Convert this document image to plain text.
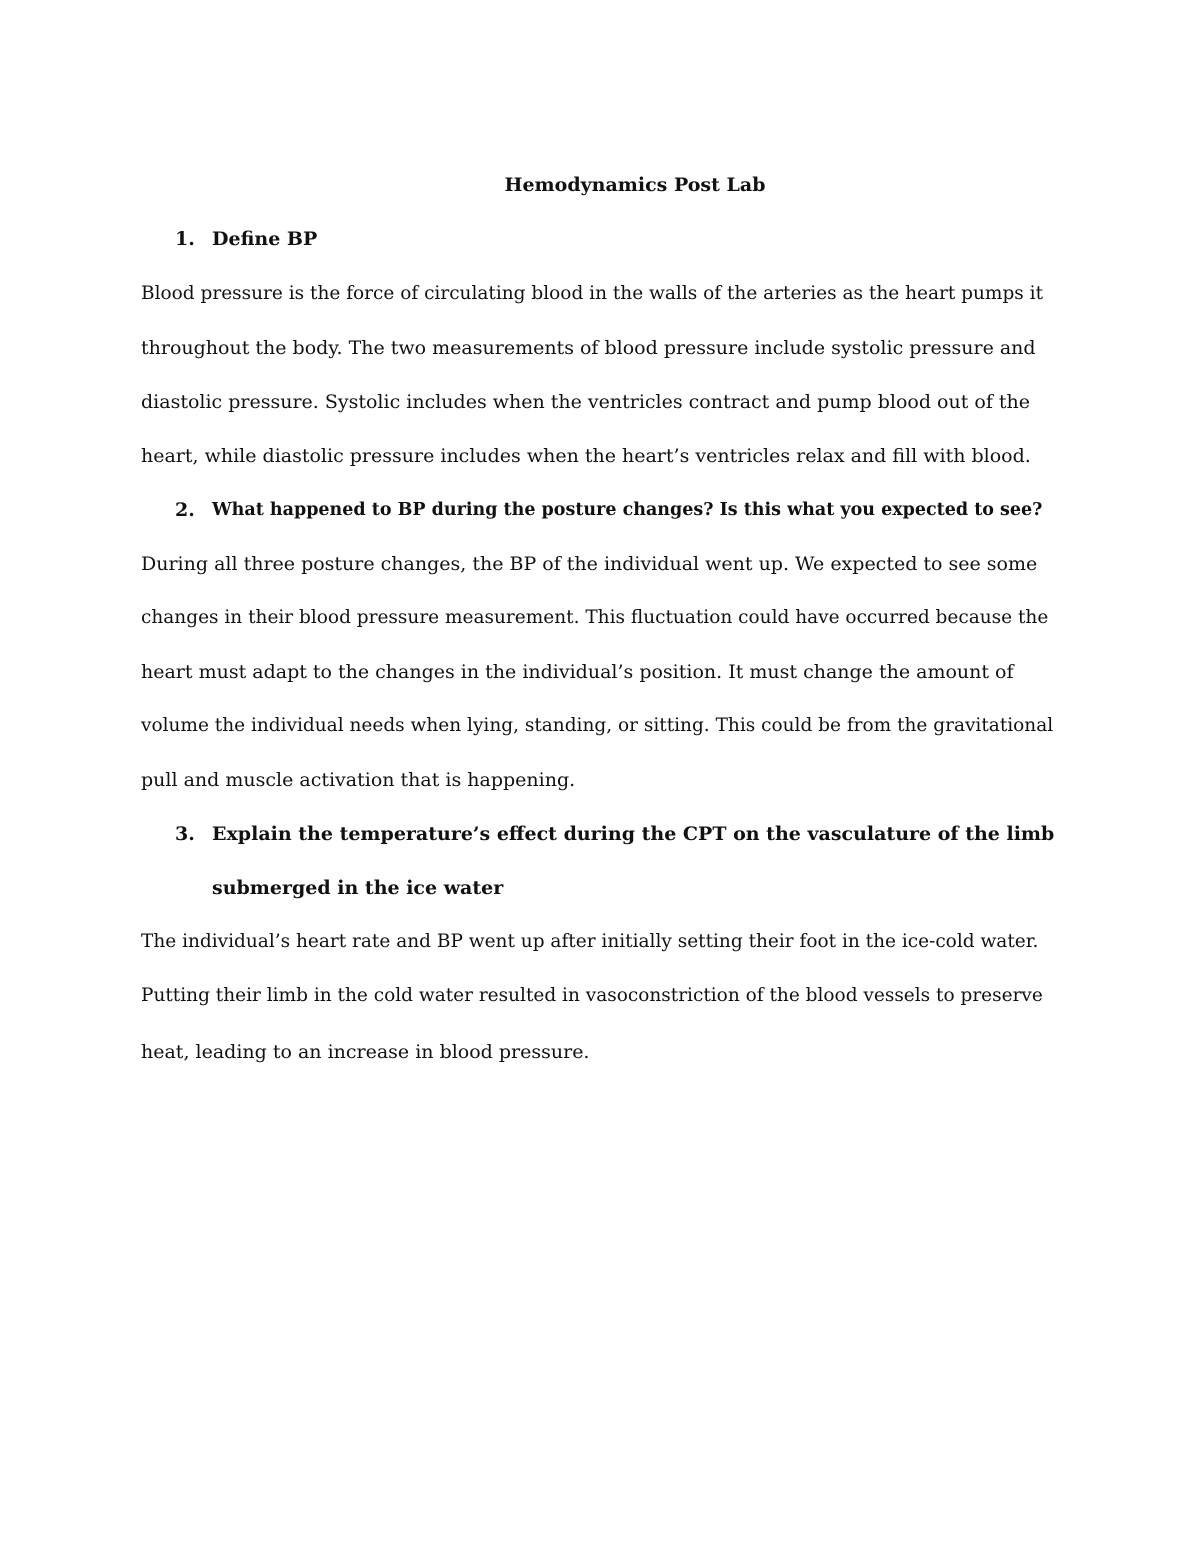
Hemodynamics Post Lab
1. Define BP
Blood pressure is the force of circulating blood in the walls of the arteries as the heart pumps it
throughout the body. The two measurements of blood pressure include systolic pressure and
diastolic pressure. Systolic includes when the ventricles contract and pump blood out of the
heart, while diastolic pressure includes when the heart’s ventricles relax and fill with blood.
2. What happened to BP during the posture changes? Is this what you expected to see?
During all three posture changes, the BP of the individual went up. We expected to see some
changes in their blood pressure measurement. This fluctuation could have occurred because the
heart must adapt to the changes in the individual’s position. It must change the amount of
volume the individual needs when lying, standing, or sitting. This could be from the gravitational
pull and muscle activation that is happening.
3. Explain the temperature’s effect during the CPT on the vasculature of the limb
submerged in the ice water
The individual’s heart rate and BP went up after initially setting their foot in the ice-cold water.
Putting their limb in the cold water resulted in vasoconstriction of the blood vessels to preserve
heat, leading to an increase in blood pressure.
